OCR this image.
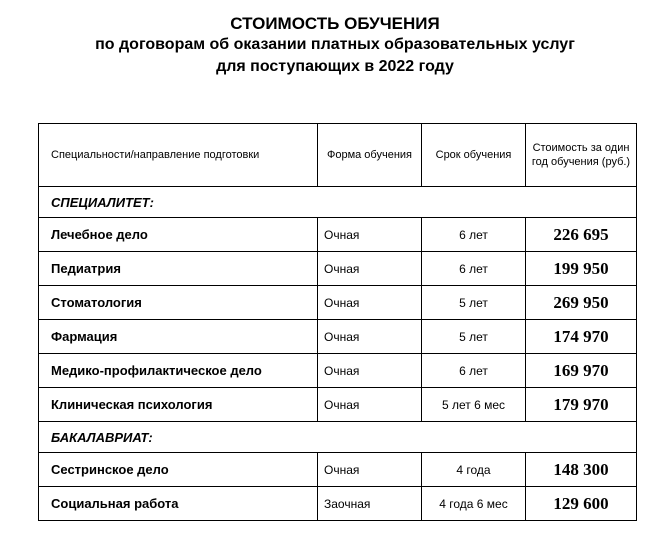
СТОИМОСТЬ ОБУЧЕНИЯ
по договорам об оказании платных образовательных услуг
для поступающих в 2022 году
Специальности/направление подготовки	Форма обучения	Срок обучения	Стоимость за один год обучения (руб.)
СПЕЦИАЛИТЕТ:			
Лечебное дело	Очная	6 лет	226 695
Педиатрия	Очная	6 лет	199 950
Стоматология	Очная	5 лет	269 950
Фармация	Очная	5 лет	174 970
Медико-профилактическое дело	Очная	6 лет	169 970
Клиническая психология	Очная	5 лет 6 мес	179 970
БАКАЛАВРИАТ:			
Сестринское дело	Очная	4 года	148 300
Социальная работа	Заочная	4 года 6 мес	129 600
